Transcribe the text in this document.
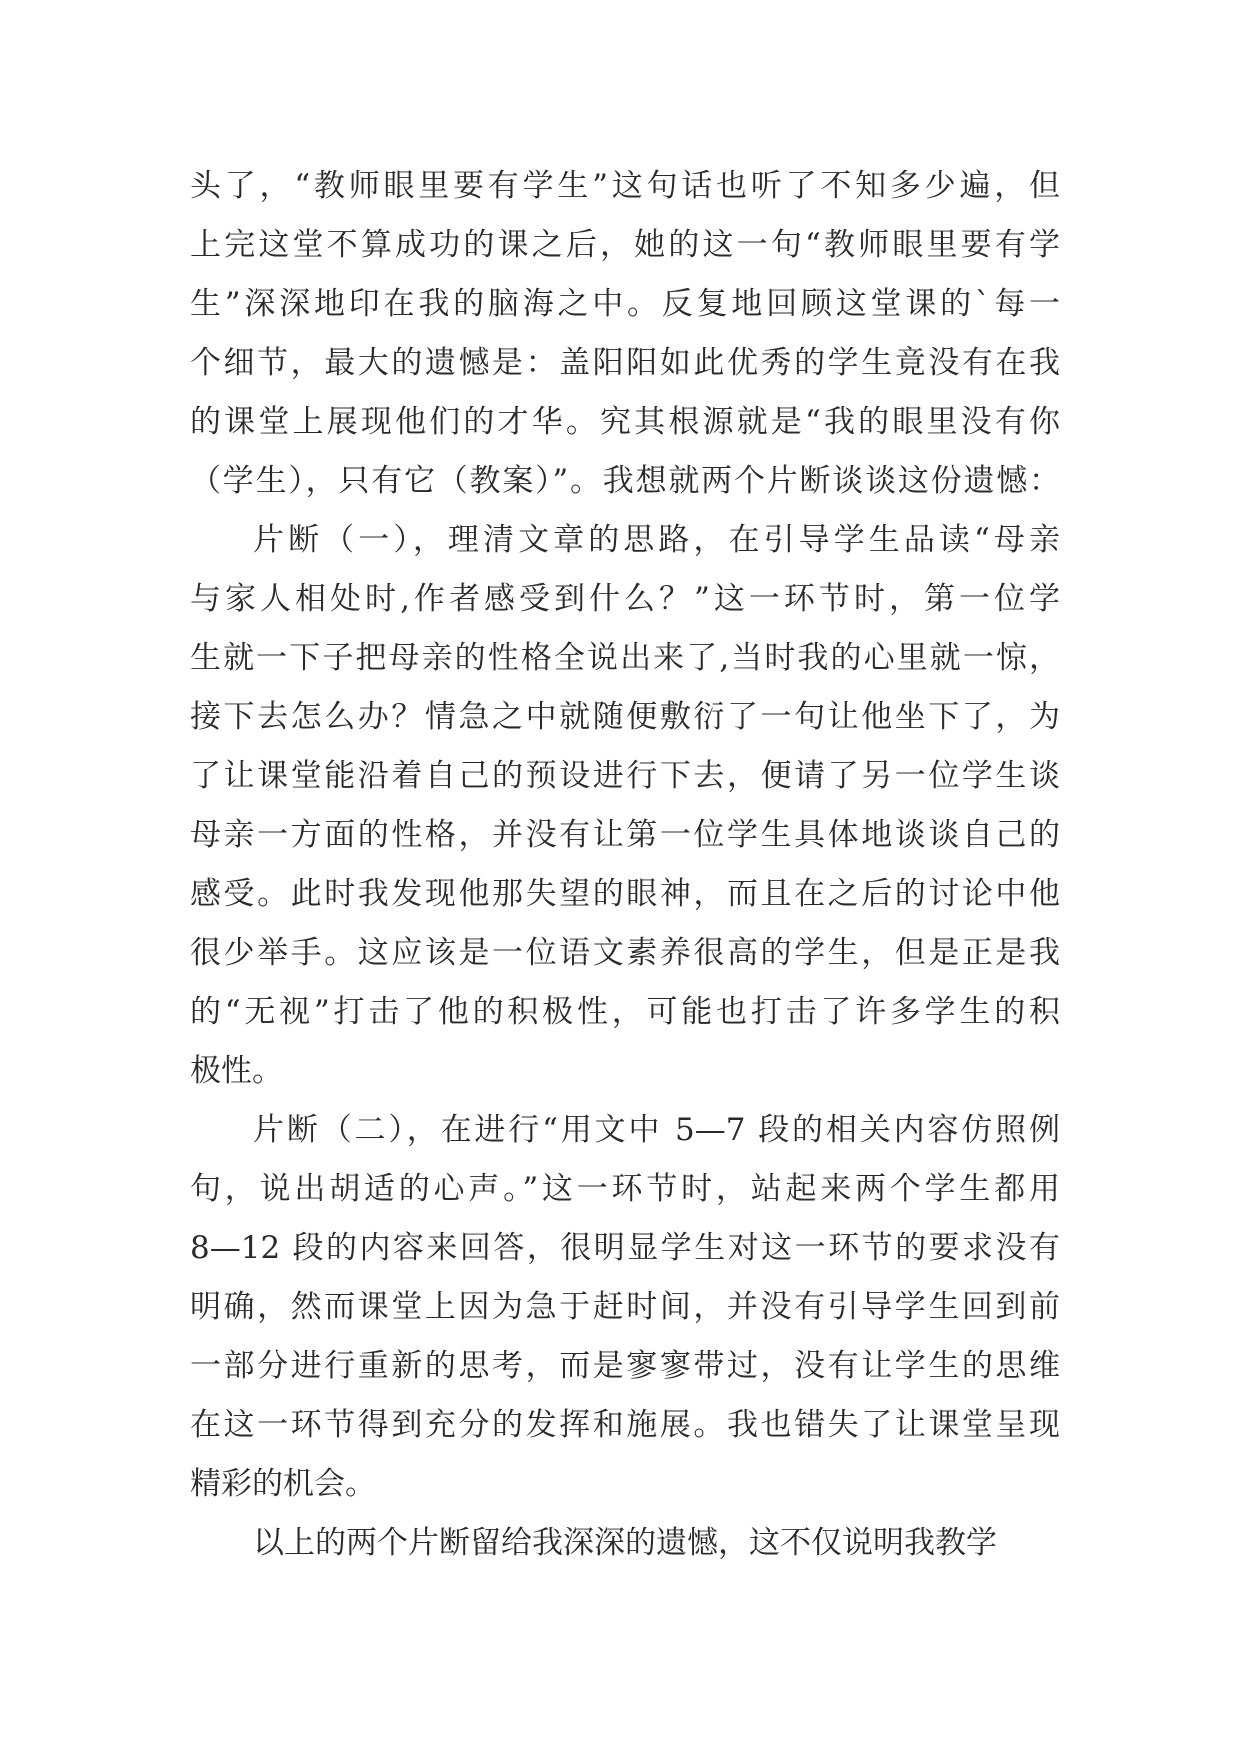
头了，“教师眼里要有学生”这句话也听了不知多少遍，但
上完这堂不算成功的课之后，她的这一句“教师眼里要有学
生”深深地印在我的脑海之中。反复地回顾这堂课的`每一
个细节，最大的遗憾是：盖阳阳如此优秀的学生竟没有在我
的课堂上展现他们的才华。究其根源就是“我的眼里没有你
（学生），只有它（教案）”。我想就两个片断谈谈这份遗憾：
片断（一），理清文章的思路，在引导学生品读“母亲
与家人相处时,作者感受到什么？”这一环节时，第一位学
生就一下子把母亲的性格全说出来了,当时我的心里就一惊，
接下去怎么办？情急之中就随便敷衍了一句让他坐下了，为
了让课堂能沿着自己的预设进行下去，便请了另一位学生谈
母亲一方面的性格，并没有让第一位学生具体地谈谈自己的
感受。此时我发现他那失望的眼神，而且在之后的讨论中他
很少举手。这应该是一位语文素养很高的学生，但是正是我
的“无视”打击了他的积极性，可能也打击了许多学生的积
极性。
片断（二），在进行“用文中 5—7 段的相关内容仿照例
句，说出胡适的心声。”这一环节时，站起来两个学生都用
8—12 段的内容来回答，很明显学生对这一环节的要求没有
明确，然而课堂上因为急于赶时间，并没有引导学生回到前
一部分进行重新的思考，而是寥寥带过，没有让学生的思维
在这一环节得到充分的发挥和施展。我也错失了让课堂呈现
精彩的机会。
以上的两个片断留给我深深的遗憾，这不仅说明我教学
